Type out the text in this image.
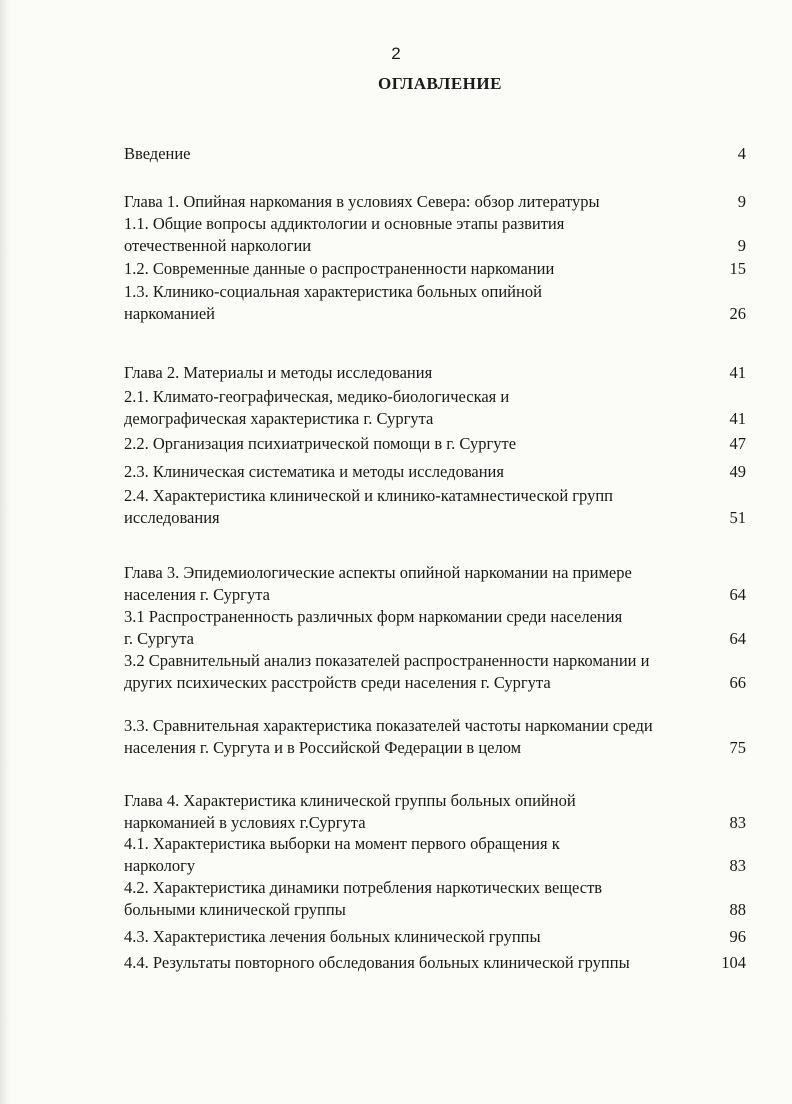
2
ОГЛАВЛЕНИЕ
Введение	4
Глава 1. Опийная наркомания в условиях Севера: обзор литературы	9
1.1. Общие вопросы аддиктологии и основные этапы развития отечественной наркологии	9
1.2. Современные данные о распространенности наркомании	15
1.3. Клинико-социальная характеристика больных опийной наркоманией	26
Глава 2. Материалы и методы исследования	41
2.1. Климато-географическая, медико-биологическая и демографическая характеристика г. Сургута	41
2.2. Организация психиатрической помощи в г. Сургуте	47
2.3. Клиническая систематика и методы исследования	49
2.4. Характеристика клинической и клинико-катамнестической групп исследования	51
Глава 3. Эпидемиологические аспекты опийной наркомании на примере населения г. Сургута	64
3.1 Распространенность различных форм наркомании среди населения г. Сургута	64
3.2 Сравнительный анализ показателей распространенности наркомании и других психических расстройств среди населения г. Сургута	66
3.3. Сравнительная характеристика показателей частоты наркомании среди населения г. Сургута и в Российской Федерации в целом	75
Глава 4. Характеристика клинической группы больных опийной наркоманией в условиях г.Сургута	83
4.1. Характеристика выборки на момент первого обращения к наркологу	83
4.2. Характеристика динамики потребления наркотических веществ больными клинической группы	88
4.3. Характеристика лечения больных клинической группы	96
4.4. Результаты повторного обследования больных клинической группы	104
